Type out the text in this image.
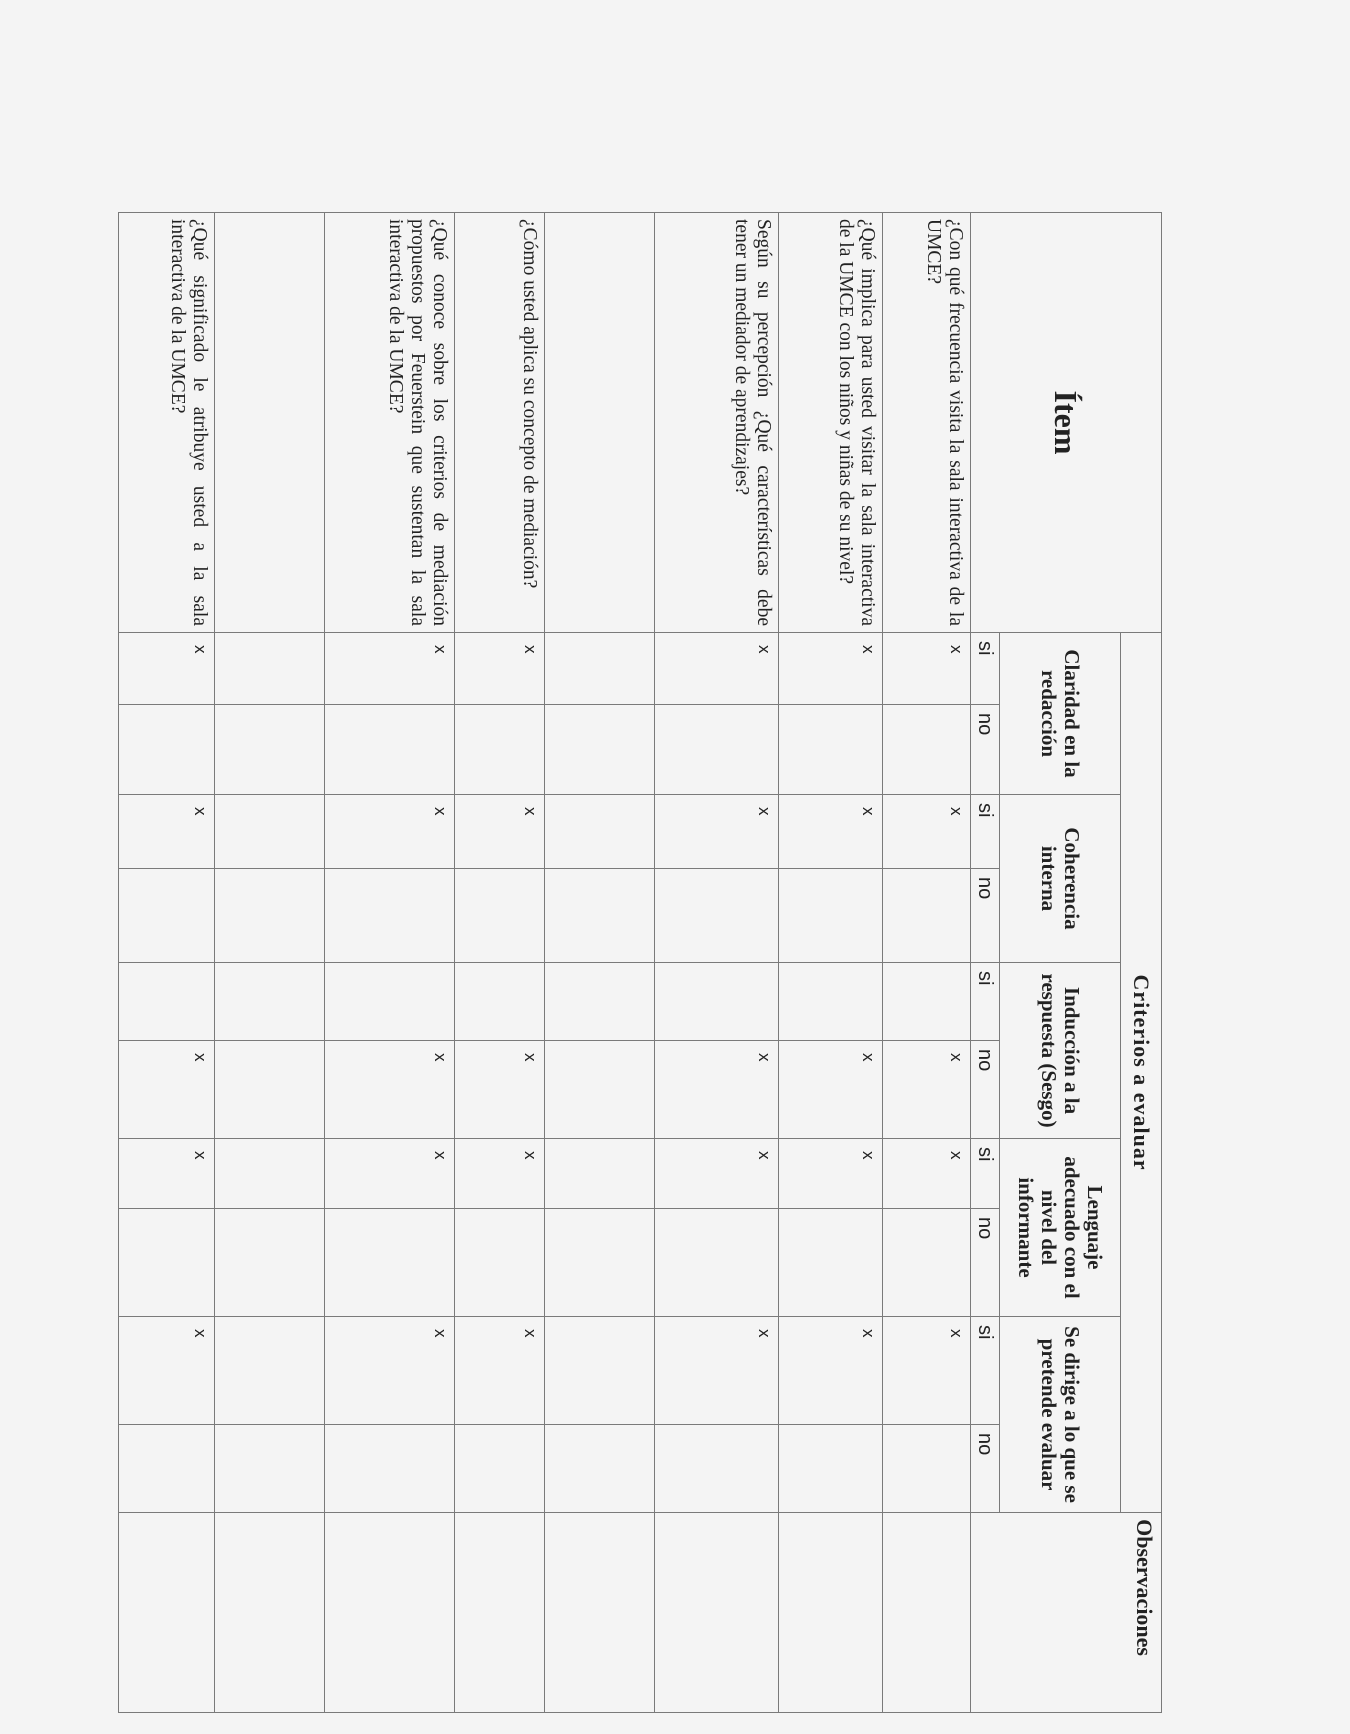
Ítem	Criterios a evaluar										Observaciones
	Claridad en la redacción		Coherencia interna		Inducción a la respuesta (Sesgo)		Lenguaje adecuado con el nivel del informante		Se dirige a lo que se pretende evaluar		
	si	no	si	no	si	no	si	no	si	no	
¿Con qué frecuencia visita la sala interactiva de la UMCE?	x		x			x	x		x		
¿Qué implica para usted visitar la sala interactiva de la UMCE con los niños y niñas de su nivel?	x		x			x	x		x		
Según su percepción ¿Qué características debe tener un mediador de aprendizajes?	x		x			x	x		x		

¿Cómo usted aplica su concepto de mediación?	x		x			x	x		x		
¿Qué conoce sobre los criterios de mediación propuestos por Feuerstein que sustentan la sala interactiva de la UMCE?	x		x			x	x		x		

¿Qué significado le atribuye usted a la sala interactiva de la UMCE?	x		x			x	x		x		
